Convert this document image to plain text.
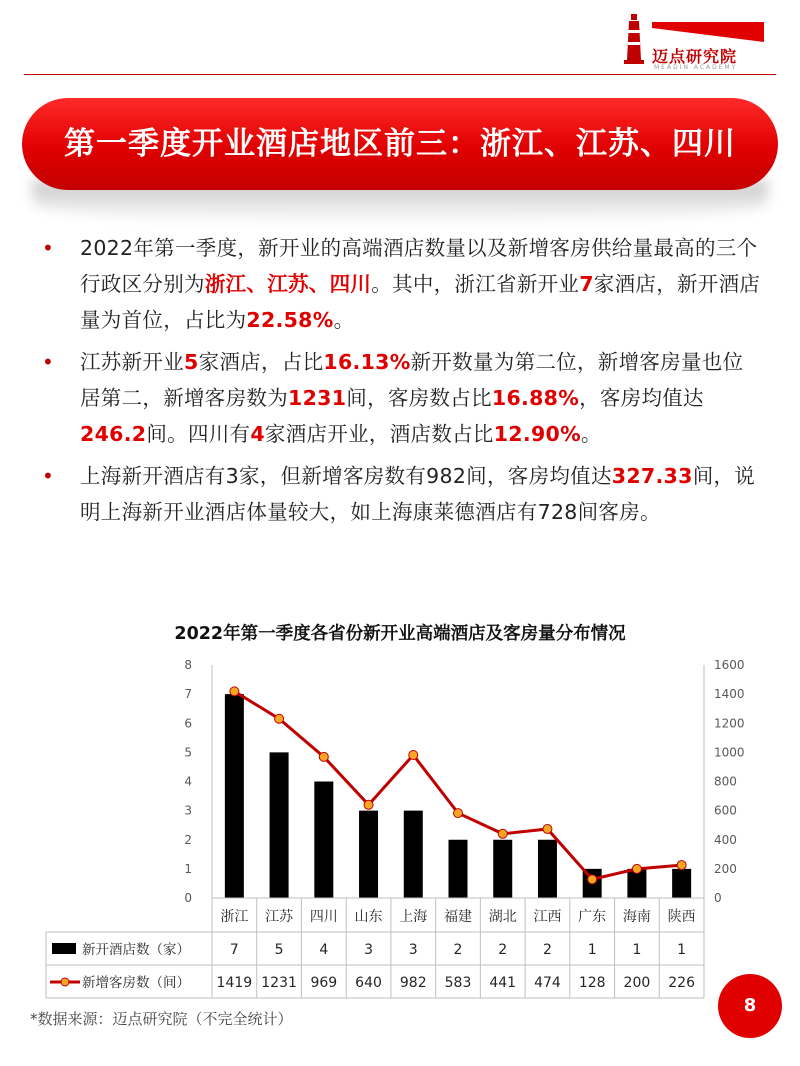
迈点研究院
MEADIN ACADEMY
第一季度开业酒店地区前三：浙江、江苏、四川
• 2022年第一季度，新开业的高端酒店数量以及新增客房供给量最高的三个行政区分别为浙江、江苏、四川。其中，浙江省新开业7家酒店，新开酒店量为首位，占比为22.58%。
• 江苏新开业5家酒店，占比16.13%新开数量为第二位，新增客房量也位居第二，新增客房数为1231间，客房数占比16.88%，客房均值达246.2间。四川有4家酒店开业，酒店数占比12.90%。
• 上海新开酒店有3家，但新增客房数有982间，客房均值达327.33间，说明上海新开业酒店体量较大，如上海康莱德酒店有728间客房。
2022年第一季度各省份新开业高端酒店及客房量分布情况
0
1
2
3
4
5
6
7
8
0
200
400
600
800
1000
1200
1400
1600
浙江
7
1419
江苏
5
1231
四川
4
969
山东
3
640
上海
3
982
福建
2
583
湖北
2
441
江西
2
474
广东
1
128
海南
1
200
陕西
1
226
新开酒店数（家）
新增客房数（间）
*数据来源：迈点研究院（不完全统计）
8
